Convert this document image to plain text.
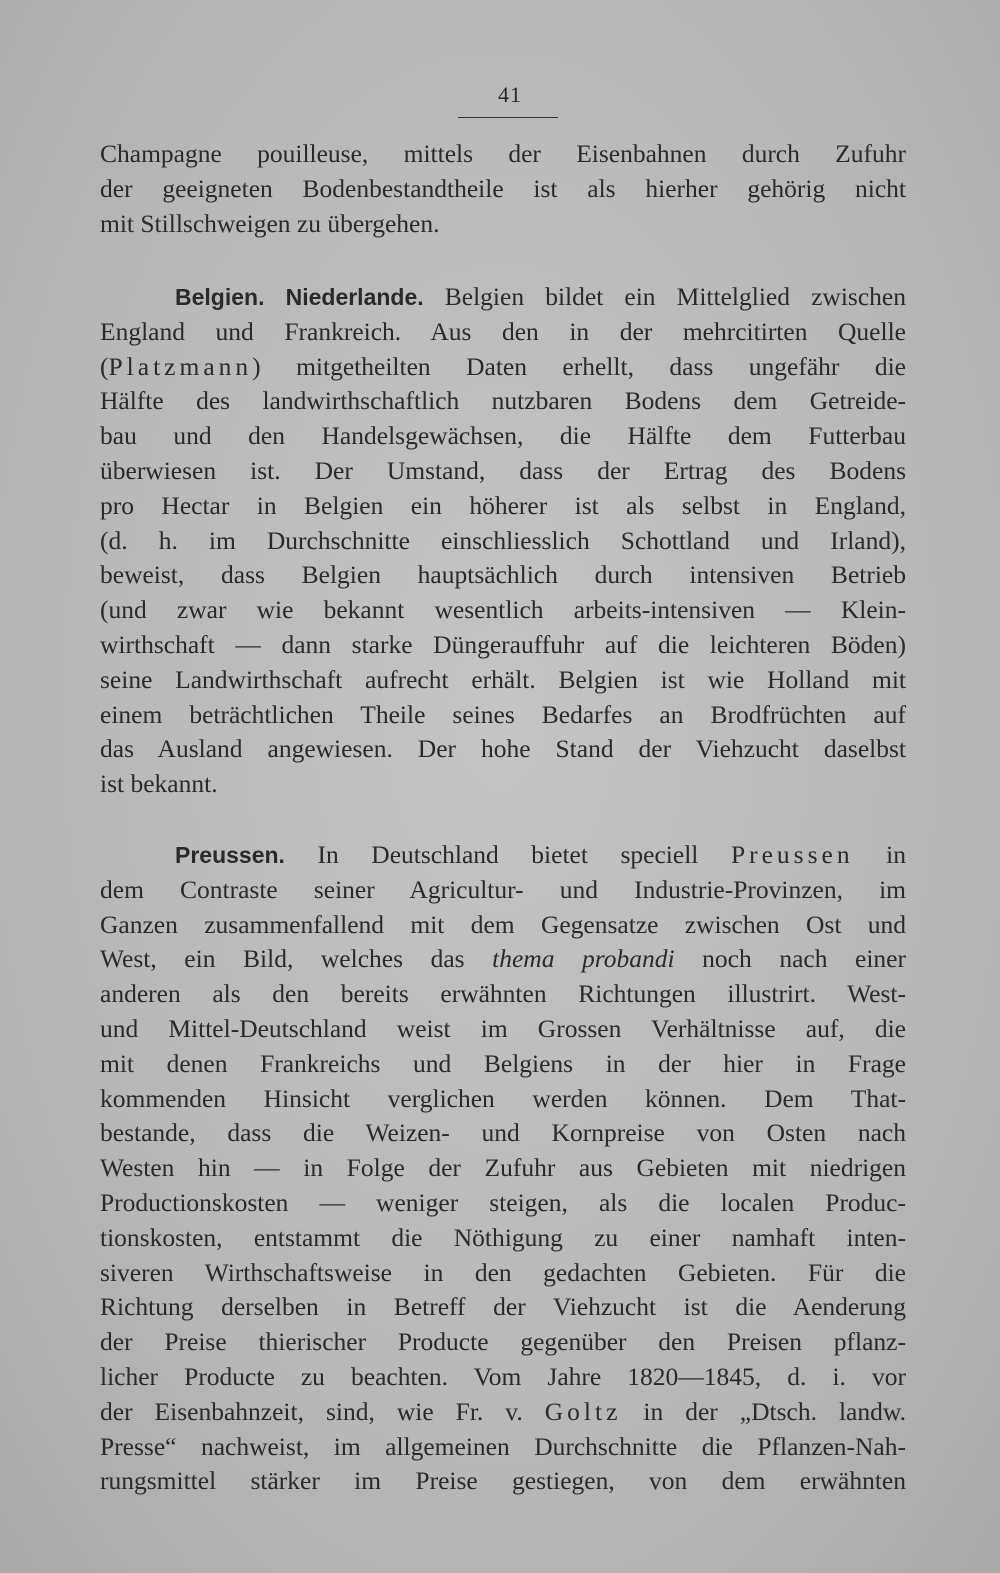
41
Champagne pouilleuse, mittels der Eisenbahnen durch Zufuhr
der geeigneten Bodenbestandtheile ist als hierher gehörig nicht
mit Stillschweigen zu übergehen.
Belgien. Niederlande. Belgien bildet ein Mittelglied zwischen
England und Frankreich. Aus den in der mehrcitirten Quelle
(Platzmann) mitgetheilten Daten erhellt, dass ungefähr die
Hälfte des landwirthschaftlich nutzbaren Bodens dem Getreide-
bau und den Handelsgewächsen, die Hälfte dem Futterbau
überwiesen ist. Der Umstand, dass der Ertrag des Bodens
pro Hectar in Belgien ein höherer ist als selbst in England,
(d. h. im Durchschnitte einschliesslich Schottland und Irland),
beweist, dass Belgien hauptsächlich durch intensiven Betrieb
(und zwar wie bekannt wesentlich arbeits-intensiven — Klein-
wirthschaft — dann starke Düngerauffuhr auf die leichteren Böden)
seine Landwirthschaft aufrecht erhält. Belgien ist wie Holland mit
einem beträchtlichen Theile seines Bedarfes an Brodfrüchten auf
das Ausland angewiesen. Der hohe Stand der Viehzucht daselbst
ist bekannt.
Preussen. In Deutschland bietet speciell Preussen in
dem Contraste seiner Agricultur- und Industrie-Provinzen, im
Ganzen zusammenfallend mit dem Gegensatze zwischen Ost und
West, ein Bild, welches das thema probandi noch nach einer
anderen als den bereits erwähnten Richtungen illustrirt. West-
und Mittel-Deutschland weist im Grossen Verhältnisse auf, die
mit denen Frankreichs und Belgiens in der hier in Frage
kommenden Hinsicht verglichen werden können. Dem That-
bestande, dass die Weizen- und Kornpreise von Osten nach
Westen hin — in Folge der Zufuhr aus Gebieten mit niedrigen
Productionskosten — weniger steigen, als die localen Produc-
tionskosten, entstammt die Nöthigung zu einer namhaft inten-
siveren Wirthschaftsweise in den gedachten Gebieten. Für die
Richtung derselben in Betreff der Viehzucht ist die Aenderung
der Preise thierischer Producte gegenüber den Preisen pflanz-
licher Producte zu beachten. Vom Jahre 1820—1845, d. i. vor
der Eisenbahnzeit, sind, wie Fr. v. Goltz in der „Dtsch. landw.
Presse“ nachweist, im allgemeinen Durchschnitte die Pflanzen-Nah-
rungsmittel stärker im Preise gestiegen, von dem erwähnten
